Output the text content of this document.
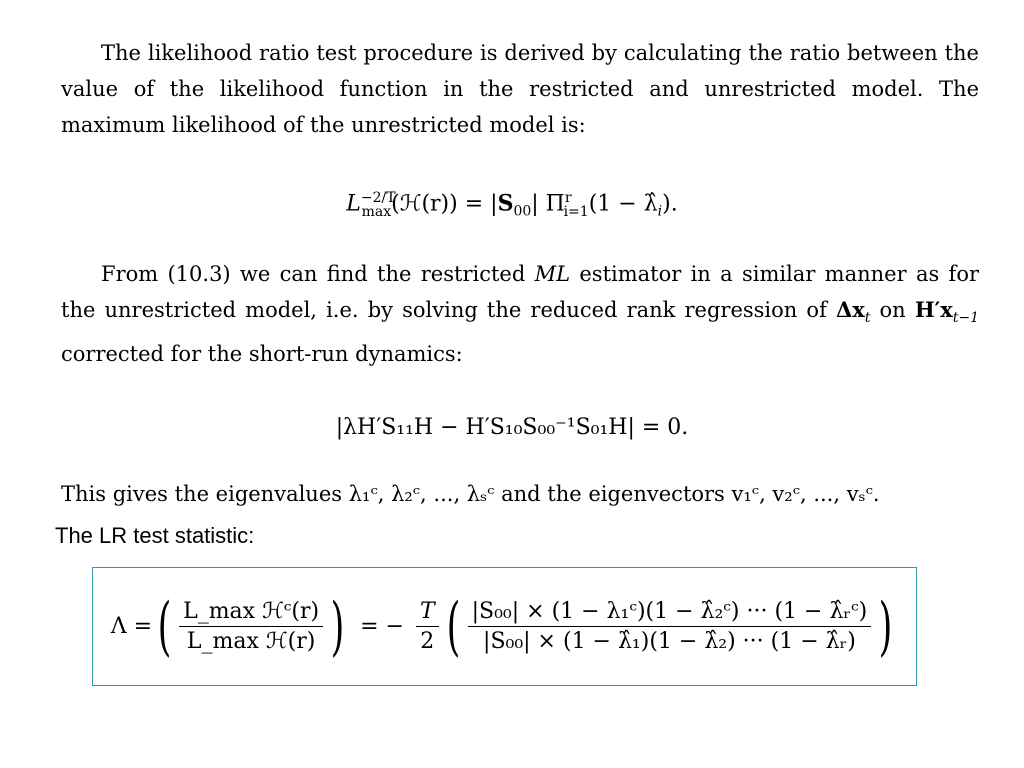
The likelihood ratio test procedure is derived by calculating the ratio between the value of the likelihood function in the restricted and unrestricted model. The maximum likelihood of the unrestricted model is:
$L^{-2/T}_{max}(ℋ(r)) = |S_{00}|$ $\Pi^r_{i=1}(1$ − $\lambdâ_i$).
From (10.3) we can find the restricted ML estimator in a similar manner as for the unrestricted model, i.e. by solving the reduced rank regression of $\Delta x_t$ on $H'x_{t-1}$ corrected for the short-run dynamics:
|λH′S₁₁H − H′S₁₀S₀₀⁻¹S₀₁H| = 0.
This gives the eigenvalues λ₁ᶜ, λ₂ᶜ, ..., λₛᶜ and the eigenvectors v₁ᶜ, v₂ᶜ, ..., vₛᶜ.
The LR test statistic:
Λ = ( $\frac{\text{L\_max ℋᶜ(r)}}{\text{L\_max ℋ(r)}}$ ) = − $\frac{T}{2}$ ( $\frac{\text{|S₀₀| × (1 − λ₁ᶜ)(1 − λ̂₂ᶜ) ··· (1 − λ̂ᵣᶜ)}}{\text{|S₀₀| × (1 − λ̂₁)(1 − λ̂₂) ··· (1 − λ̂ᵣ)}}$ )
